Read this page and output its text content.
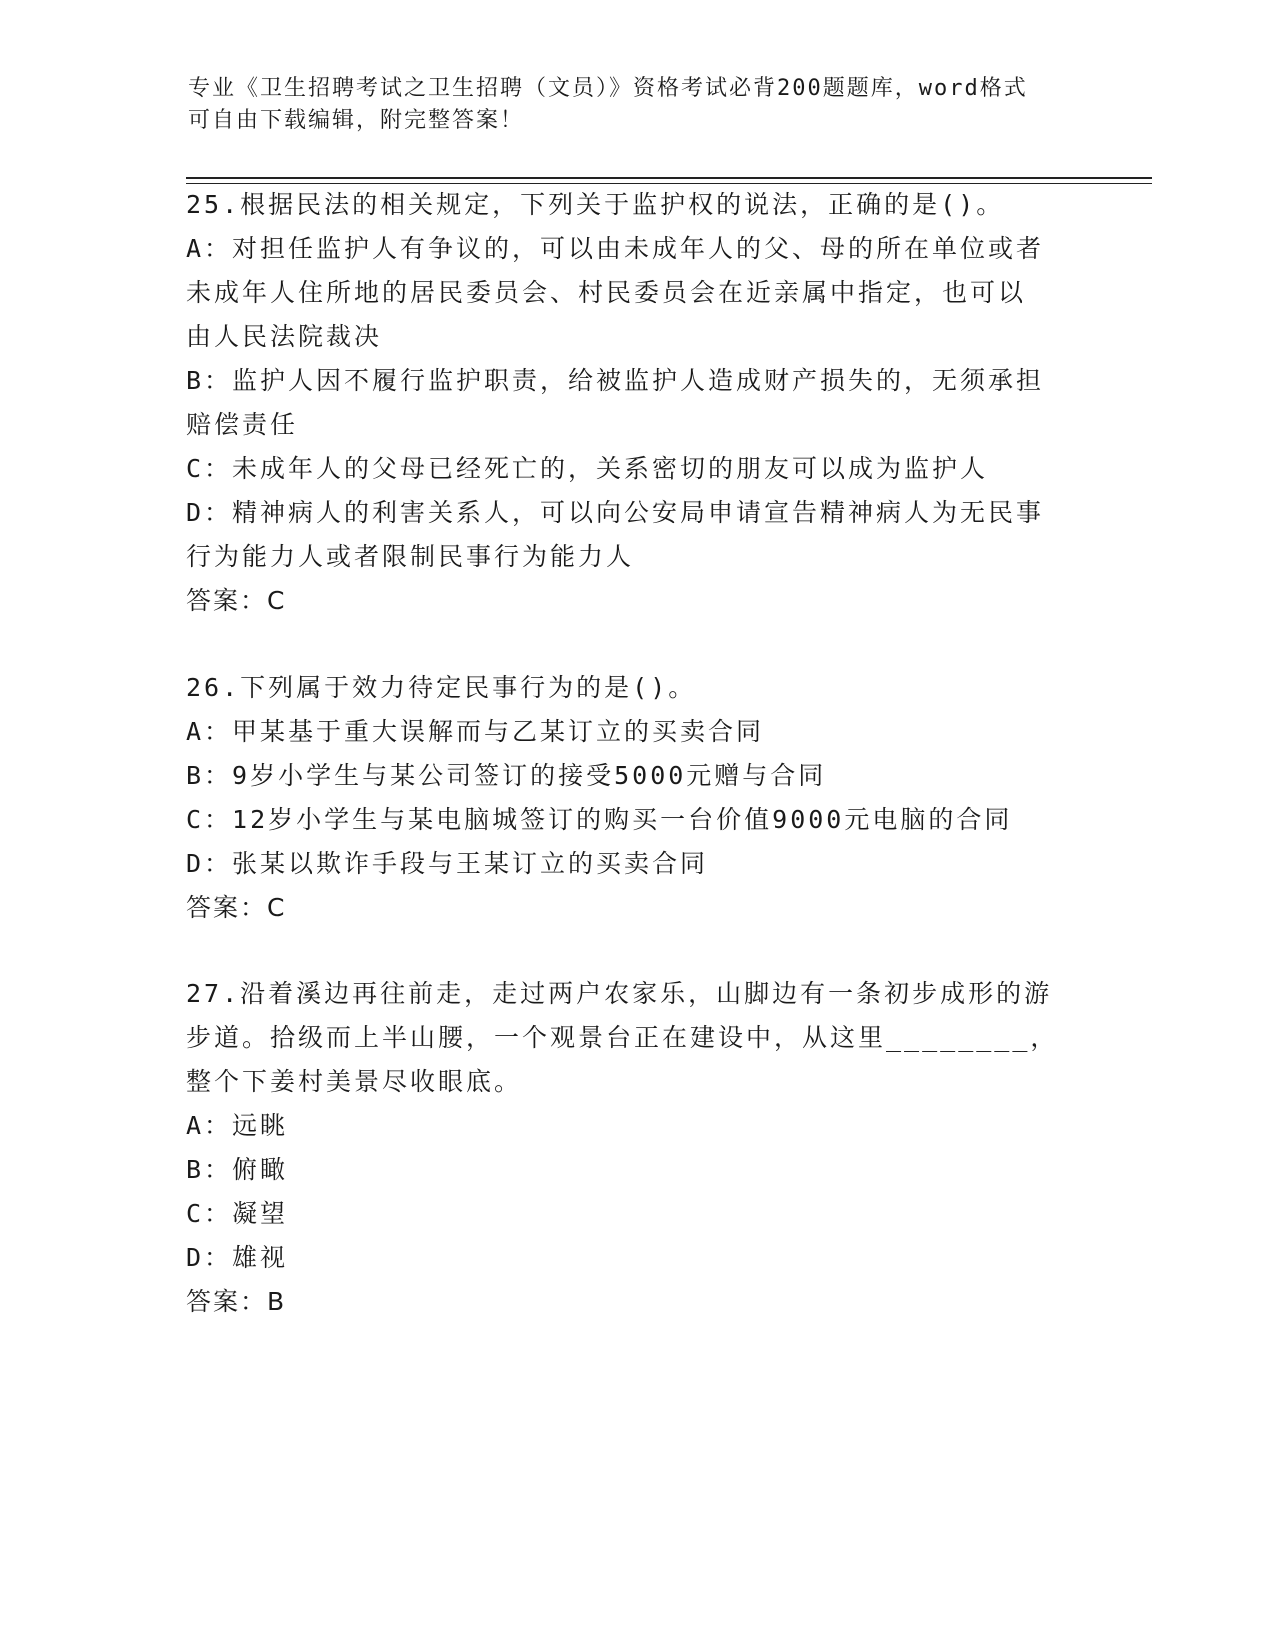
专业《卫生招聘考试之卫生招聘（文员）》资格考试必背200题题库，word格式
可自由下载编辑，附完整答案！
25.根据民法的相关规定，下列关于监护权的说法，正确的是()。
A：对担任监护人有争议的，可以由未成年人的父、母的所在单位或者
未成年人住所地的居民委员会、村民委员会在近亲属中指定，也可以
由人民法院裁决
B：监护人因不履行监护职责，给被监护人造成财产损失的，无须承担
赔偿责任
C：未成年人的父母已经死亡的，关系密切的朋友可以成为监护人
D：精神病人的利害关系人，可以向公安局申请宣告精神病人为无民事
行为能力人或者限制民事行为能力人
答案：C
26.下列属于效力待定民事行为的是()。
A：甲某基于重大误解而与乙某订立的买卖合同
B：9岁小学生与某公司签订的接受5000元赠与合同
C：12岁小学生与某电脑城签订的购买一台价值9000元电脑的合同
D：张某以欺诈手段与王某订立的买卖合同
答案：C
27.沿着溪边再往前走，走过两户农家乐，山脚边有一条初步成形的游
步道。拾级而上半山腰，一个观景台正在建设中，从这里________，
整个下姜村美景尽收眼底。
A：远眺
B：俯瞰
C：凝望
D：雄视
答案：B
